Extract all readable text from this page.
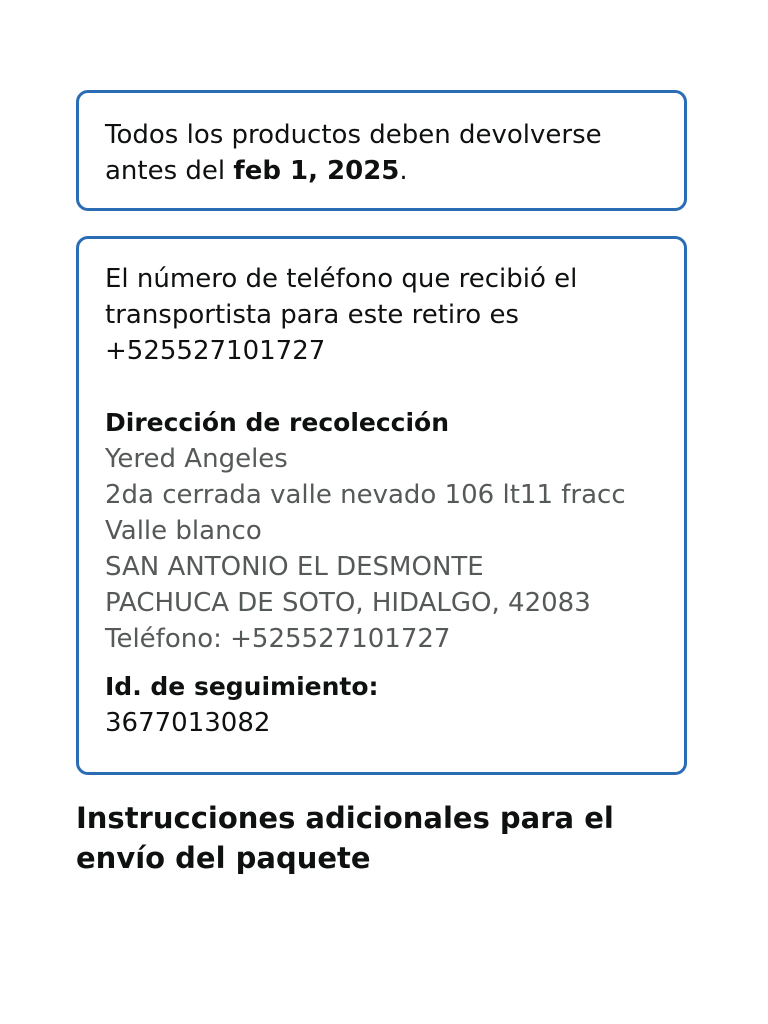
Todos los productos deben devolverse antes del feb 1, 2025.
El número de teléfono que recibió el transportista para este retiro es +525527101727
Dirección de recolección
Yered Angeles
2da cerrada valle nevado 106 lt11 fracc
Valle blanco
SAN ANTONIO EL DESMONTE
PACHUCA DE SOTO, HIDALGO, 42083
Teléfono: +525527101727
Id. de seguimiento:
3677013082
Instrucciones adicionales para el envío del paquete
